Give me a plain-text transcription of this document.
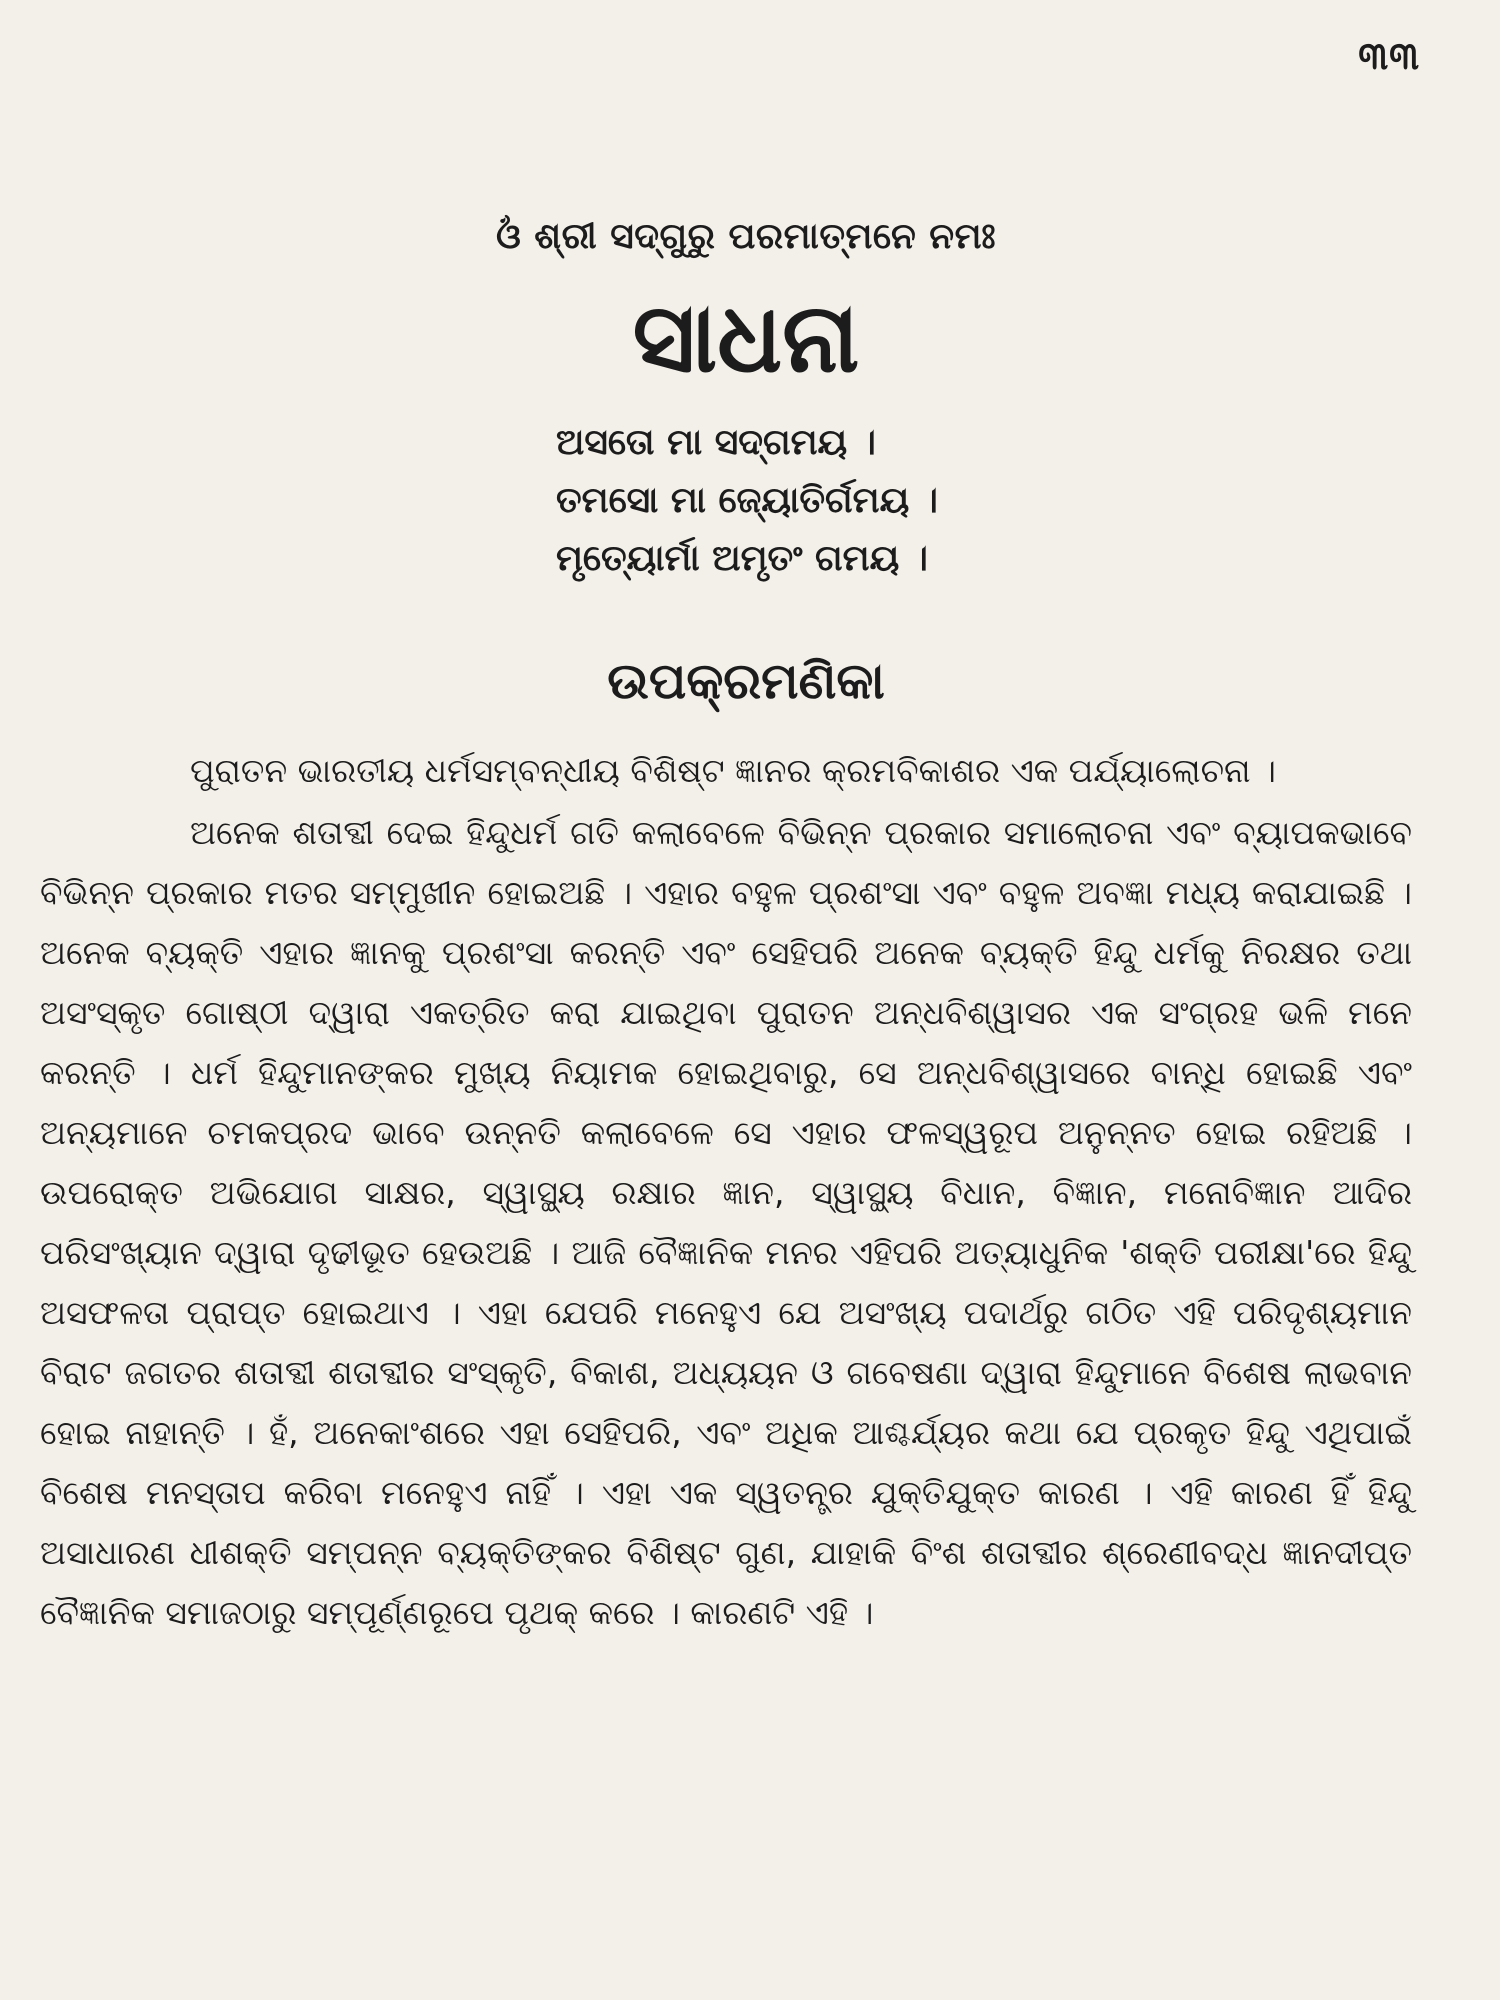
୩୩
ଓଁ ଶ୍ରୀ ସଦ୍‌ଗୁରୁ ପରମାତ୍ମନେ ନମଃ
ସାଧନା
ଅସତୋ ମା ସଦ୍‌ଗମୟ ।
ତମସୋ ମା ଜ୍ୟୋତିର୍ଗମୟ ।
ମୃତ୍ୟୋର୍ମା ଅମୃତଂ ଗମୟ ।
ଉପକ୍ରମଣିକା

ପୁରାତନ ଭାରତୀୟ ଧର୍ମସମ୍ବନ୍ଧୀୟ ବିଶିଷ୍ଟ ଜ୍ଞାନର କ୍ରମବିକାଶର ଏକ ପର୍ଯ୍ୟାଲୋଚନା ।

ଅନେକ ଶତାବ୍ଦୀ ଦେଇ ହିନ୍ଦୁଧର୍ମ ଗତି କଲାବେଳେ ବିଭିନ୍ନ ପ୍ରକାର ସମାଲୋଚନା ଏବଂ ବ୍ୟାପକଭାବେ ବିଭିନ୍ନ ପ୍ରକାର ମତର ସମ୍ମୁଖୀନ ହୋଇଅଛି । ଏହାର ବହୁଳ ପ୍ରଶଂସା ଏବଂ ବହୁଳ ଅବଜ୍ଞା ମଧ୍ୟ କରାଯାଇଛି । ଅନେକ ବ୍ୟକ୍ତି ଏହାର ଜ୍ଞାନକୁ ପ୍ରଶଂସା କରନ୍ତି ଏବଂ ସେହିପରି ଅନେକ ବ୍ୟକ୍ତି ହିନ୍ଦୁ ଧର୍ମକୁ ନିରକ୍ଷର ତଥା ଅସଂସ୍କୃତ ଗୋଷ୍ଠୀ ଦ୍ୱାରା ଏକତ୍ରିତ କରା ଯାଇଥିବା ପୁରାତନ ଅନ୍ଧବିଶ୍ୱାସର ଏକ ସଂଗ୍ରହ ଭଳି ମନେ କରନ୍ତି । ଧର୍ମ ହିନ୍ଦୁମାନଙ୍କର ମୁଖ୍ୟ ନିୟାମକ ହୋଇଥିବାରୁ, ସେ ଅନ୍ଧବିଶ୍ୱାସରେ ବାନ୍ଧି ହୋଇଛି ଏବଂ ଅନ୍ୟମାନେ ଚମକପ୍ରଦ ଭାବେ ଉନ୍ନତି କଲାବେଳେ ସେ ଏହାର ଫଳସ୍ୱରୂପ ଅନୁନ୍ନତ ହୋଇ ରହିଅଛି । ଉପରୋକ୍ତ ଅଭିଯୋଗ ସାକ୍ଷର, ସ୍ୱାସ୍ଥ୍ୟ ରକ୍ଷାର ଜ୍ଞାନ, ସ୍ୱାସ୍ଥ୍ୟ ବିଧାନ, ବିଜ୍ଞାନ, ମନୋବିଜ୍ଞାନ ଆଦିର ପରିସଂଖ୍ୟାନ ଦ୍ୱାରା ଦୃଢୀଭୂତ ହେଉଅଛି । ଆଜି ବୈଜ୍ଞାନିକ ମନର ଏହିପରି ଅତ୍ୟାଧୁନିକ 'ଶକ୍ତି ପରୀକ୍ଷା'ରେ ହିନ୍ଦୁ ଅସଫଳତା ପ୍ରାପ୍ତ ହୋଇଥାଏ । ଏହା ଯେପରି ମନେହୁଏ ଯେ ଅସଂଖ୍ୟ ପଦାର୍ଥରୁ ଗଠିତ ଏହି ପରିଦୃଶ୍ୟମାନ ବିରାଟ ଜଗତର ଶତାବ୍ଦୀ ଶତାବ୍ଦୀର ସଂସ୍କୃତି, ବିକାଶ, ଅଧ୍ୟୟନ ଓ ଗବେଷଣା ଦ୍ୱାରା ହିନ୍ଦୁମାନେ ବିଶେଷ ଲାଭବାନ ହୋଇ ନାହାନ୍ତି । ହଁ, ଅନେକାଂଶରେ ଏହା ସେହିପରି, ଏବଂ ଅଧିକ ଆଶ୍ଚର୍ଯ୍ୟର କଥା ଯେ ପ୍ରକୃତ ହିନ୍ଦୁ ଏଥିପାଇଁ ବିଶେଷ ମନସ୍ତାପ କରିବା ମନେହୁଏ ନାହିଁ । ଏହା ଏକ ସ୍ୱତନ୍ତ୍ର ଯୁକ୍ତିଯୁକ୍ତ କାରଣ । ଏହି କାରଣ ହିଁ ହିନ୍ଦୁ ଅସାଧାରଣ ଧୀଶକ୍ତି ସମ୍ପନ୍ନ ବ୍ୟକ୍ତିଙ୍କର ବିଶିଷ୍ଟ ଗୁଣ, ଯାହାକି ବିଂଶ ଶତାବ୍ଦୀର ଶ୍ରେଣୀବଦ୍ଧ ଜ୍ଞାନଦୀପ୍ତ ବୈଜ୍ଞାନିକ ସମାଜଠାରୁ ସମ୍ପୂର୍ଣ୍ଣରୂପେ ପୃଥକ୍ କରେ । କାରଣଟି ଏହି ।
